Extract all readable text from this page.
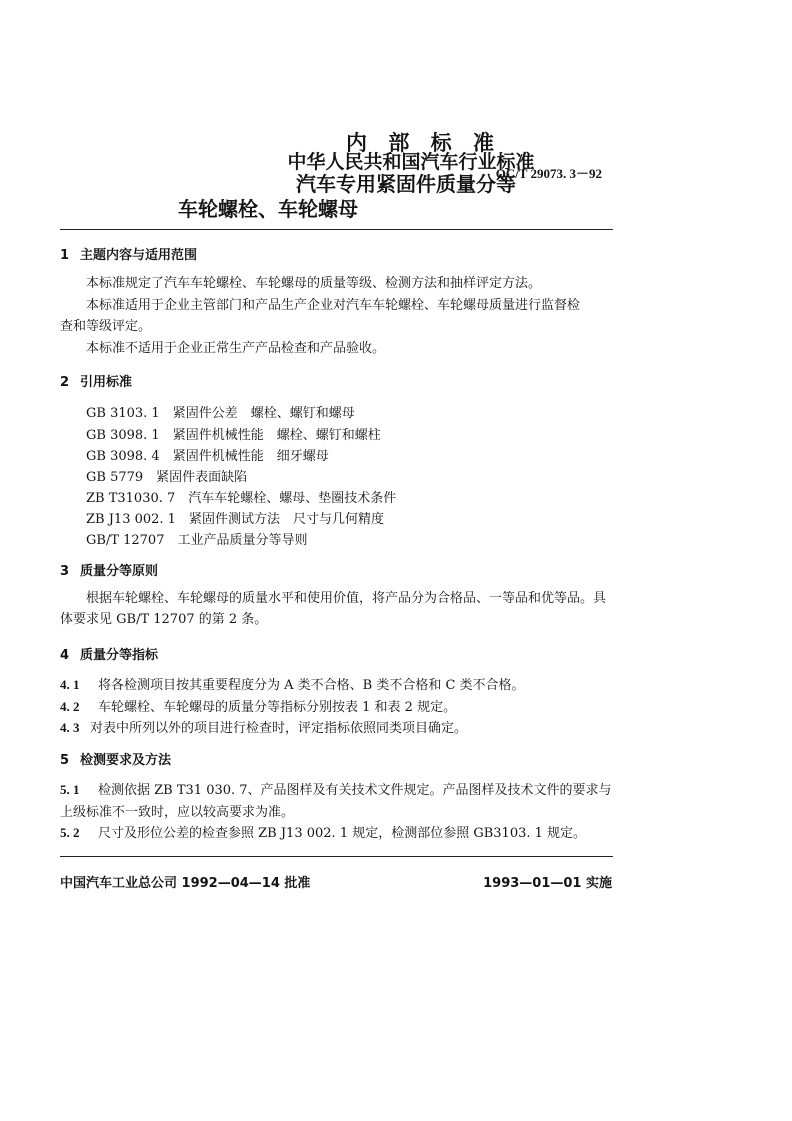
内 部 标 准
中华人民共和国汽车行业标准
汽车专用紧固件质量分等
车轮螺栓、车轮螺母
QC/T 29073. 3－92
1 主题内容与适用范围
本标准规定了汽车车轮螺栓、车轮螺母的质量等级、检测方法和抽样评定方法。
本标准适用于企业主管部门和产品生产企业对汽车车轮螺栓、车轮螺母质量进行监督检
查和等级评定。
本标准不适用于企业正常生产产品检查和产品验收。
2 引用标准
GB 3103. 1　紧固件公差　螺栓、螺钉和螺母
GB 3098. 1　紧固件机械性能　螺栓、螺钉和螺柱
GB 3098. 4　紧固件机械性能　细牙螺母
GB 5779　紧固件表面缺陷
ZB T31030. 7　汽车车轮螺栓、螺母、垫圈技术条件
ZB J13 002. 1　紧固件测试方法　尺寸与几何精度
GB/T 12707　工业产品质量分等导则
3 质量分等原则
根据车轮螺栓、车轮螺母的质量水平和使用价值，将产品分为合格品、一等品和优等品。具
体要求见 GB/T 12707 的第 2 条。
4 质量分等指标
4. 1 将各检测项目按其重要程度分为 A 类不合格、B 类不合格和 C 类不合格。
4. 2 车轮螺栓、车轮螺母的质量分等指标分别按表 1 和表 2 规定。
4. 3 对表中所列以外的项目进行检查时，评定指标依照同类项目确定。
5 检测要求及方法
5. 1 检测依据 ZB T31 030. 7、产品图样及有关技术文件规定。产品图样及技术文件的要求与
上级标准不一致时，应以较高要求为准。
5. 2 尺寸及形位公差的检查参照 ZB J13 002. 1 规定，检测部位参照 GB3103. 1 规定。
中国汽车工业总公司 1992—04—14 批准	1993—01—01 实施
